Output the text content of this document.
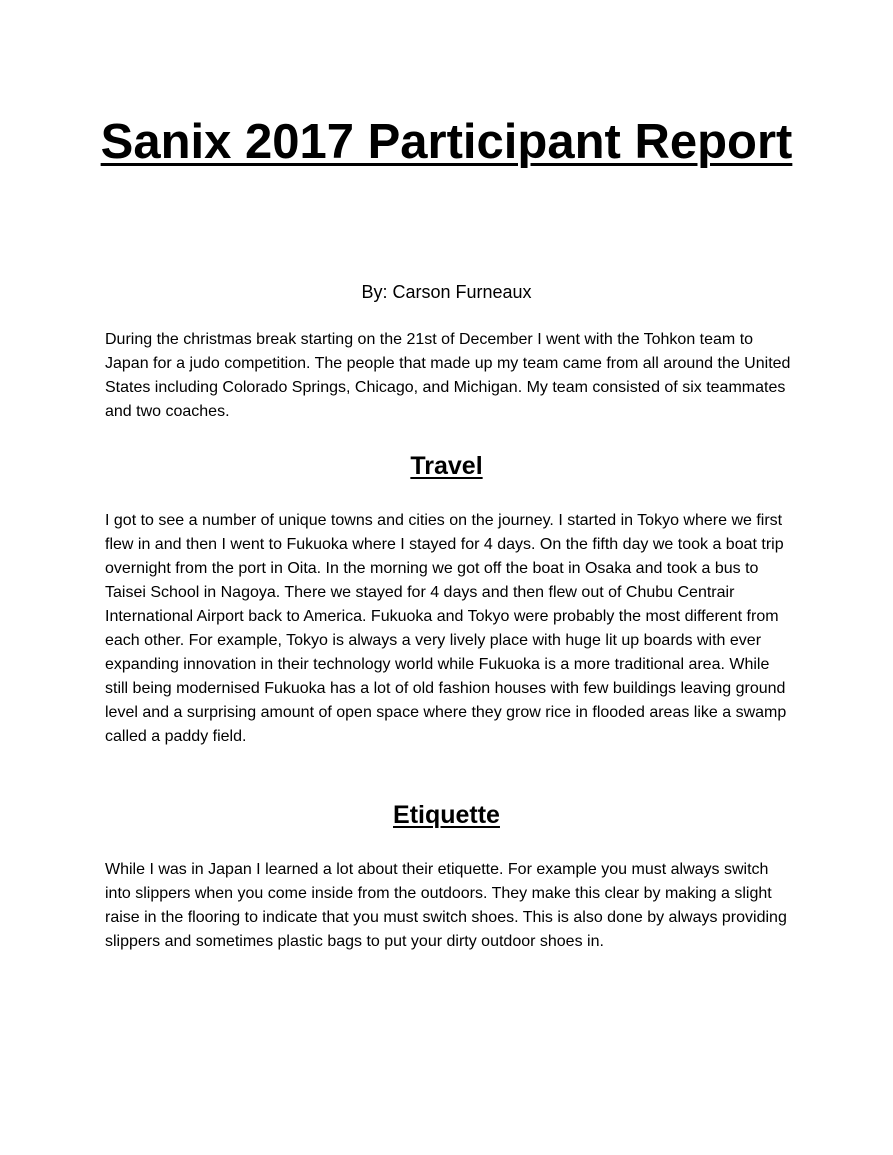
Sanix 2017 Participant Report

By: Carson Furneaux

During the christmas break starting on the 21st of December I went with the Tohkon team to Japan for a judo competition. The people that made up my team came from all around the United States including Colorado Springs, Chicago, and Michigan. My team consisted of six teammates and two coaches.

Travel

I got to see a number of unique towns and cities on the journey. I started in Tokyo where we first flew in and then I went to Fukuoka where I stayed for 4 days. On the fifth day we took a boat trip overnight from the port in Oita. In the morning we got off the boat in Osaka and took a bus to Taisei School in Nagoya. There we stayed for 4 days and then flew out of Chubu Centrair International Airport back to America. Fukuoka and Tokyo were probably the most different from each other. For example, Tokyo is always a very lively place with huge lit up boards with ever expanding innovation in their technology world while Fukuoka is a more traditional area. While still being modernised Fukuoka has a lot of old fashion houses with few buildings leaving ground level and a surprising amount of open space where they grow rice in flooded areas like a swamp called a paddy field.

Etiquette

While I was in Japan I learned a lot about their etiquette. For example you must always switch into slippers when you come inside from the outdoors. They make this clear by making a slight raise in the flooring to indicate that you must switch shoes. This is also done by always providing slippers and sometimes plastic bags to put your dirty outdoor shoes in.
